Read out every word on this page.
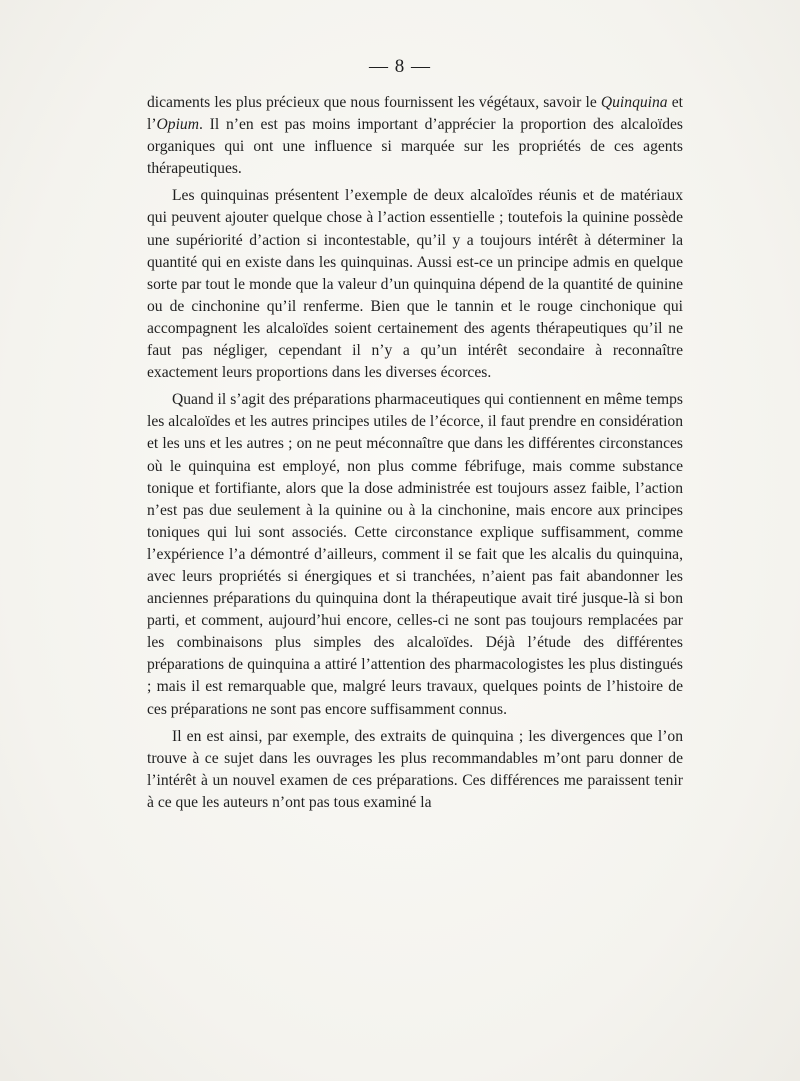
— 8 —

dicaments les plus précieux que nous fournissent les végétaux, savoir le Quinquina et l’Opium. Il n’en est pas moins important d’apprécier la proportion des alcaloïdes organiques qui ont une influence si marquée sur les propriétés de ces agents thérapeutiques.

Les quinquinas présentent l’exemple de deux alcaloïdes réunis et de matériaux qui peuvent ajouter quelque chose à l’action essentielle ; toutefois la quinine possède une supériorité d’action si incontestable, qu’il y a toujours intérêt à déterminer la quantité qui en existe dans les quinquinas. Aussi est-ce un principe admis en quelque sorte par tout le monde que la valeur d’un quinquina dépend de la quantité de quinine ou de cinchonine qu’il renferme. Bien que le tannin et le rouge cinchonique qui accompagnent les alcaloïdes soient certainement des agents thérapeutiques qu’il ne faut pas négliger, cependant il n’y a qu’un intérêt secondaire à reconnaître exactement leurs proportions dans les diverses écorces.

Quand il s’agit des préparations pharmaceutiques qui contiennent en même temps les alcaloïdes et les autres principes utiles de l’écorce, il faut prendre en considération et les uns et les autres ; on ne peut méconnaître que dans les différentes circonstances où le quinquina est employé, non plus comme fébrifuge, mais comme substance tonique et fortifiante, alors que la dose administrée est toujours assez faible, l’action n’est pas due seulement à la quinine ou à la cinchonine, mais encore aux principes toniques qui lui sont associés. Cette circonstance explique suffisamment, comme l’expérience l’a démontré d’ailleurs, comment il se fait que les alcalis du quinquina, avec leurs propriétés si énergiques et si tranchées, n’aient pas fait abandonner les anciennes préparations du quinquina dont la thérapeutique avait tiré jusque-là si bon parti, et comment, aujourd’hui encore, celles-ci ne sont pas toujours remplacées par les combinaisons plus simples des alcaloïdes. Déjà l’étude des différentes préparations de quinquina a attiré l’attention des pharmacologistes les plus distingués ; mais il est remarquable que, malgré leurs travaux, quelques points de l’histoire de ces préparations ne sont pas encore suffisamment connus.

Il en est ainsi, par exemple, des extraits de quinquina ; les divergences que l’on trouve à ce sujet dans les ouvrages les plus recommandables m’ont paru donner de l’intérêt à un nouvel examen de ces préparations. Ces différences me paraissent tenir à ce que les auteurs n’ont pas tous examiné la
